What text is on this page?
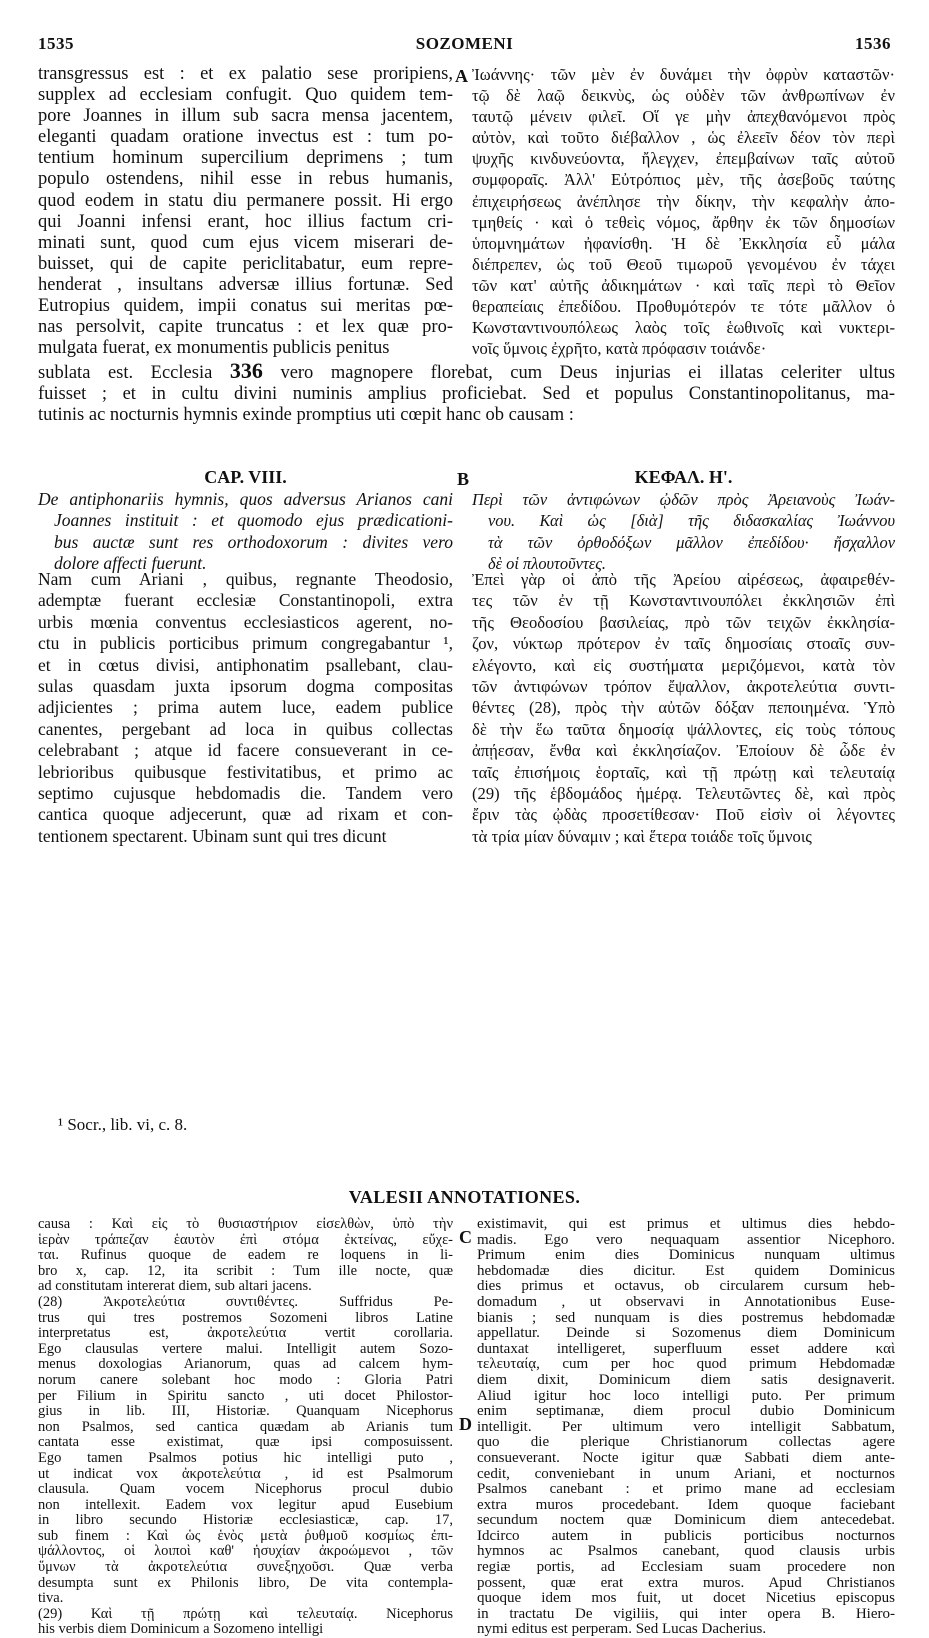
1535	SOZOMENI	1536
A
B
C
D
transgressus est : et ex palatio sese proripiens,
supplex ad ecclesiam confugit. Quo quidem tem-
pore Joannes in illum sub sacra mensa jacentem,
eleganti quadam oratione invectus est : tum po-
tentium hominum supercilium deprimens ; tum
populo ostendens, nihil esse in rebus humanis,
quod eodem in statu diu permanere possit. Hi ergo
qui Joanni infensi erant, hoc illius factum cri-
minati sunt, quod cum ejus vicem miserari de-
buisset, qui de capite periclitabatur, eum repre-
henderat , insultans adversæ illius fortunæ. Sed
Eutropius quidem, impii conatus sui meritas pœ-
nas persolvit, capite truncatus : et lex quæ pro-
mulgata fuerat, ex monumentis publicis penitus
Ἰωάννης· τῶν μὲν ἐν δυνάμει τὴν ὀφρὺν καταστῶν·
τῷ δὲ λαῷ δεικνὺς, ὡς οὐδὲν τῶν ἀνθρωπίνων ἐν
ταυτῷ μένειν φιλεῖ. Οἵ γε μὴν ἀπεχθανόμενοι πρὸς
αὐτὸν, καὶ τοῦτο διέβαλλον , ὡς ἐλεεῖν δέον τὸν περὶ
ψυχῆς κινδυνεύοντα, ἤλεγχεν, ἐπεμβαίνων ταῖς αὐτοῦ
συμφοραῖς. Ἀλλ' Εὐτρόπιος μὲν, τῆς ἀσεβοῦς ταύτης
ἐπιχειρήσεως ἀνέπλησε τὴν δίκην, τὴν κεφαλὴν ἀπο-
τμηθείς · καὶ ὁ τεθεὶς νόμος, ἄρθην ἐκ τῶν δημοσίων
ὑπομνημάτων ἠφανίσθη. Ἡ δὲ Ἐκκλησία εὖ μάλα
διέπρεπεν, ὡς τοῦ Θεοῦ τιμωροῦ γενομένου ἐν τάχει
τῶν κατ' αὐτῆς ἀδικημάτων · καὶ ταῖς περὶ τὸ Θεῖον
θεραπείαις ἐπεδίδου. Προθυμότερόν τε τότε μᾶλλον ὁ
Κωνσταντινουπόλεως λαὸς τοῖς ἑωθινοῖς καὶ νυκτερι-
νοῖς ὕμνοις ἐχρῆτο, κατὰ πρόφασιν τοιάνδε·
sublata est. Ecclesia 336 vero magnopere florebat, cum Deus injurias ei illatas celeriter ultus
fuisset ; et in cultu divini numinis amplius proficiebat. Sed et populus Constantinopolitanus, ma-
tutinis ac nocturnis hymnis exinde promptius uti cœpit hanc ob causam :
CAP. VIII.	ΚΕΦΑΛ. Η'.
De antiphonariis hymnis, quos adversus Arianos cani
Joannes instituit : et quomodo ejus prædicationi-
bus auctæ sunt res orthodoxorum : divites vero
dolore affecti fuerunt.
Περὶ τῶν ἀντιφώνων ᾠδῶν πρὸς Ἀρειανοὺς Ἰωάν-
νου. Καὶ ὡς [διὰ] τῆς διδασκαλίας Ἰωάννου
τὰ τῶν ὀρθοδόξων μᾶλλον ἐπεδίδου· ἤσχαλλον
δὲ οἱ πλουτοῦντες.
Nam cum Ariani , quibus, regnante Theodosio,
ademptæ fuerant ecclesiæ Constantinopoli, extra
urbis mœnia conventus ecclesiasticos agerent, no-
ctu in publicis porticibus primum congregabantur ¹,
et in cœtus divisi, antiphonatim psallebant, clau-
sulas quasdam juxta ipsorum dogma compositas
adjicientes ; prima autem luce, eadem publice
canentes, pergebant ad loca in quibus collectas
celebrabant ; atque id facere consueverant in ce-
lebrioribus quibusque festivitatibus, et primo ac
septimo cujusque hebdomadis die. Tandem vero
cantica quoque adjecerunt, quæ ad rixam et con-
tentionem spectarent. Ubinam sunt qui tres dicunt
Ἐπεὶ γὰρ οἱ ἀπὸ τῆς Ἀρείου αἱρέσεως, ἀφαιρεθέν-
τες τῶν ἐν τῇ Κωνσταντινουπόλει ἐκκλησιῶν ἐπὶ
τῆς Θεοδοσίου βασιλείας, πρὸ τῶν τειχῶν ἐκκλησία-
ζον, νύκτωρ πρότερον ἐν ταῖς δημοσίαις στοαῖς συν-
ελέγοντο, καὶ εἰς συστήματα μεριζόμενοι, κατὰ τὸν
τῶν ἀντιφώνων τρόπον ἔψαλλον, ἀκροτελεύτια συντι-
θέντες (28), πρὸς τὴν αὐτῶν δόξαν πεποιημένα. Ὑπὸ
δὲ τὴν ἕω ταῦτα δημοσίᾳ ψάλλοντες, εἰς τοὺς τόπους
ἀπῄεσαν, ἔνθα καὶ ἐκκλησίαζον. Ἐποίουν δὲ ὧδε ἐν
ταῖς ἐπισήμοις ἑορταῖς, καὶ τῇ πρώτῃ καὶ τελευταίᾳ
(29) τῆς ἑβδομάδος ἡμέρᾳ. Τελευτῶντες δὲ, καὶ πρὸς
ἔριν τὰς ᾠδὰς προσετίθεσαν· Ποῦ εἰσὶν οἱ λέγοντες
τὰ τρία μίαν δύναμιν ; καὶ ἕτερα τοιάδε τοῖς ὕμνοις
¹ Socr., lib. vi, c. 8.
VALESII ANNOTATIONES.
causa : Καὶ εἰς τὸ θυσιαστήριον εἰσελθὼν, ὑπὸ τὴν
ἱερὰν τράπεζαν ἑαυτὸν ἐπὶ στόμα ἐκτείνας, εὔχε-
ται. Rufinus quoque de eadem re loquens in li-
bro x, cap. 12, ita scribit : Tum ille nocte, quæ
ad constitutam intererat diem, sub altari jacens.
(28) Ἀκροτελεύτια συντιθέντες. Suffridus Pe-
trus qui tres postremos Sozomeni libros Latine
interpretatus est, ἀκροτελεύτια vertit corollaria.
Ego clausulas vertere malui. Intelligit autem Sozo-
menus doxologias Arianorum, quas ad calcem hym-
norum canere solebant hoc modo : Gloria Patri
per Filium in Spiritu sancto , uti docet Philostor-
gius in lib. III, Historiæ. Quanquam Nicephorus
non Psalmos, sed cantica quædam ab Arianis tum
cantata esse existimat, quæ ipsi composuissent.
Ego tamen Psalmos potius hic intelligi puto ,
ut indicat vox ἀκροτελεύτια , id est Psalmorum
clausula. Quam vocem Nicephorus procul dubio
non intellexit. Eadem vox legitur apud Eusebium
in libro secundo Historiæ ecclesiasticæ, cap. 17,
sub finem : Καὶ ὡς ἑνὸς μετὰ ῥυθμοῦ κοσμίως ἐπι-
ψάλλοντος, οἱ λοιποὶ καθ' ἡσυχίαν ἀκροώμενοι , τῶν
ὕμνων τὰ ἀκροτελεύτια συνεξηχοῦσι. Quæ verba
desumpta sunt ex Philonis libro, De vita contempla-
tiva.
(29) Καὶ τῇ πρώτῃ καὶ τελευταίᾳ. Nicephorus
his verbis diem Dominicum a Sozomeno intelligi
existimavit, qui est primus et ultimus dies hebdo-
madis. Ego vero nequaquam assentior Nicephoro.
Primum enim dies Dominicus nunquam ultimus
hebdomadæ dies dicitur. Est quidem Dominicus
dies primus et octavus, ob circularem cursum heb-
domadum , ut observavi in Annotationibus Euse-
bianis ; sed nunquam is dies postremus hebdomadæ
appellatur. Deinde si Sozomenus diem Dominicum
duntaxat intelligeret, superfluum esset addere καὶ
τελευταίᾳ, cum per hoc quod primum Hebdomadæ
diem dixit, Dominicum diem satis designaverit.
Aliud igitur hoc loco intelligi puto. Per primum
enim septimanæ, diem procul dubio Dominicum
intelligit. Per ultimum vero intelligit Sabbatum,
quo die plerique Christianorum collectas agere
consueverant. Nocte igitur quæ Sabbati diem ante-
cedit, conveniebant in unum Ariani, et nocturnos
Psalmos canebant : et primo mane ad ecclesiam
extra muros procedebant. Idem quoque faciebant
secundum noctem quæ Dominicum diem antecedebat.
Idcirco autem in publicis porticibus nocturnos
hymnos ac Psalmos canebant, quod clausis urbis
regiæ portis, ad Ecclesiam suam procedere non
possent, quæ erat extra muros. Apud Christianos
quoque idem mos fuit, ut docet Nicetius episcopus
in tractatu De vigiliis, qui inter opera B. Hiero-
nymi editus est perperam. Sed Lucas Dacherius.
